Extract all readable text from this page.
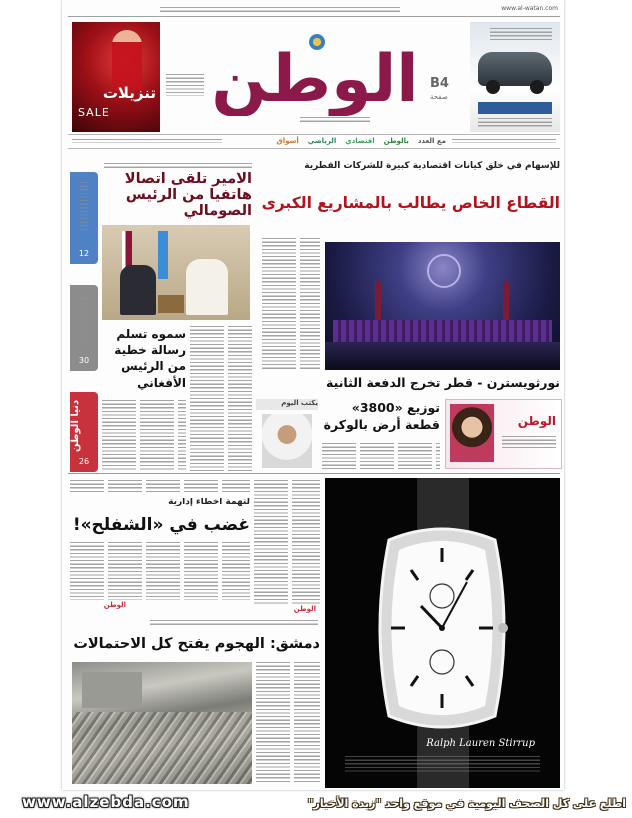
www.al-watan.com
تنزيلات
SALE	الوطن B4
صفحة
مع العدد
بالوطن
اقتصادي
الرياضي
أسواق
12
30
دنيا الوطن
26
للإسهام في خلق كيانات اقتصادية كبيرة للشركات القطرية
القطاع الخاص يطالب بالمشاريع الكبرى
نورثويسترن - قطر تخرج الدفعة الثانية
الأمير تلقى اتصالا هاتفيا من الرئيس الصومالي
سموه تسلم رسالة خطية من الرئيس الأفغاني
يكتب اليوم	توزيع «3800» قطعة أرض بالوكرة	الوطن
لتهمة أخطاء إدارية
غضب في «الشفلح»!
الوطن	الوطن
دمشق: الهجوم يفتح كل الاحتمالات
Ralph Lauren Stirrup
www.alzebda.com	اطلع على كل الصحف اليومية في موقع واحد "زبدة الأخبار"
